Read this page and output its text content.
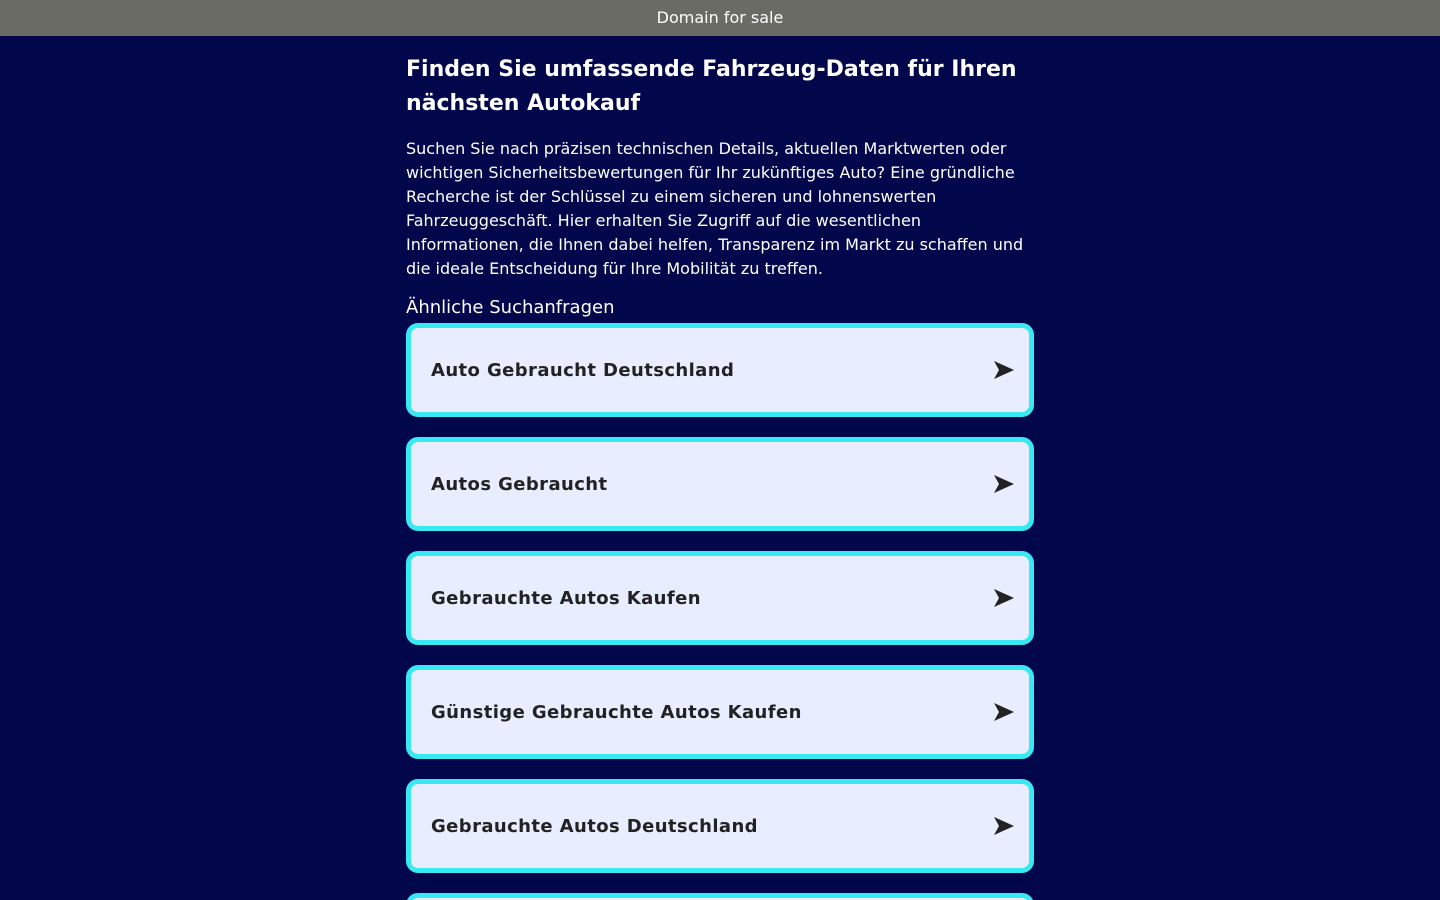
Domain for sale
Finden Sie umfassende Fahrzeug-Daten für Ihren nächsten Autokauf

Suchen Sie nach präzisen technischen Details, aktuellen Marktwerten oder wichtigen Sicherheitsbewertungen für Ihr zukünftiges Auto? Eine gründliche Recherche ist der Schlüssel zu einem sicheren und lohnenswerten Fahrzeuggeschäft. Hier erhalten Sie Zugriff auf die wesentlichen Informationen, die Ihnen dabei helfen, Transparenz im Markt zu schaffen und die ideale Entscheidung für Ihre Mobilität zu treffen.

Ähnliche Suchanfragen
Auto Gebraucht Deutschland
Autos Gebraucht
Gebrauchte Autos Kaufen
Günstige Gebrauchte Autos Kaufen
Gebrauchte Autos Deutschland
